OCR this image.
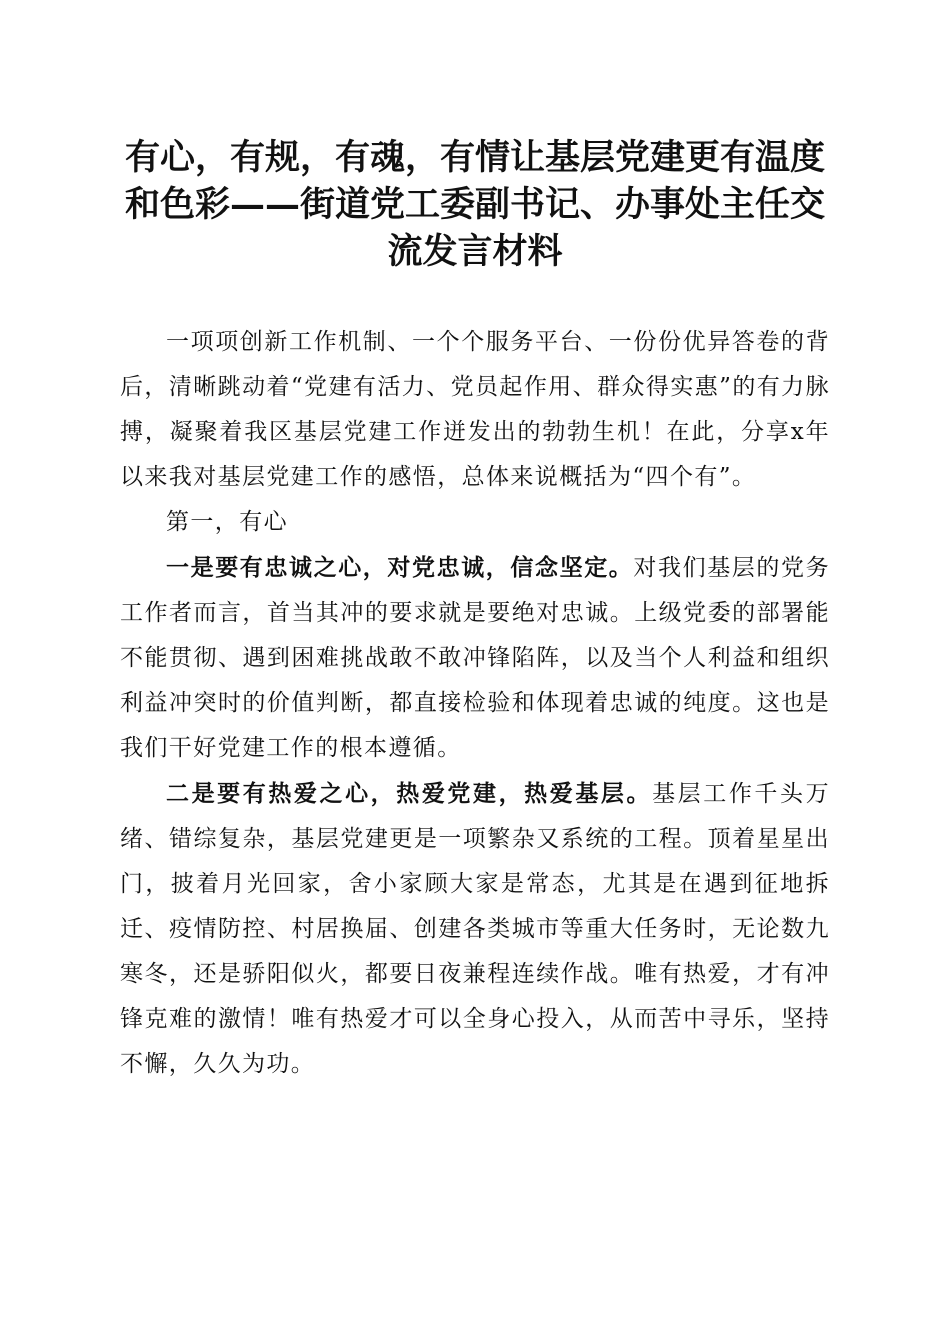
有心，有规，有魂，有情让基层党建更有温度和色彩——街道党工委副书记、办事处主任交流发言材料

一项项创新工作机制、一个个服务平台、一份份优异答卷的背后，清晰跳动着“党建有活力、党员起作用、群众得实惠”的有力脉搏，凝聚着我区基层党建工作迸发出的勃勃生机！在此，分享x年以来我对基层党建工作的感悟，总体来说概括为“四个有”。

第一，有心

一是要有忠诚之心，对党忠诚，信念坚定。对我们基层的党务工作者而言，首当其冲的要求就是要绝对忠诚。上级党委的部署能不能贯彻、遇到困难挑战敢不敢冲锋陷阵，以及当个人利益和组织利益冲突时的价值判断，都直接检验和体现着忠诚的纯度。这也是我们干好党建工作的根本遵循。

二是要有热爱之心，热爱党建，热爱基层。基层工作千头万绪、错综复杂，基层党建更是一项繁杂又系统的工程。顶着星星出门，披着月光回家，舍小家顾大家是常态，尤其是在遇到征地拆迁、疫情防控、村居换届、创建各类城市等重大任务时，无论数九寒冬，还是骄阳似火，都要日夜兼程连续作战。唯有热爱，才有冲锋克难的激情！唯有热爱才可以全身心投入，从而苦中寻乐，坚持不懈，久久为功。
